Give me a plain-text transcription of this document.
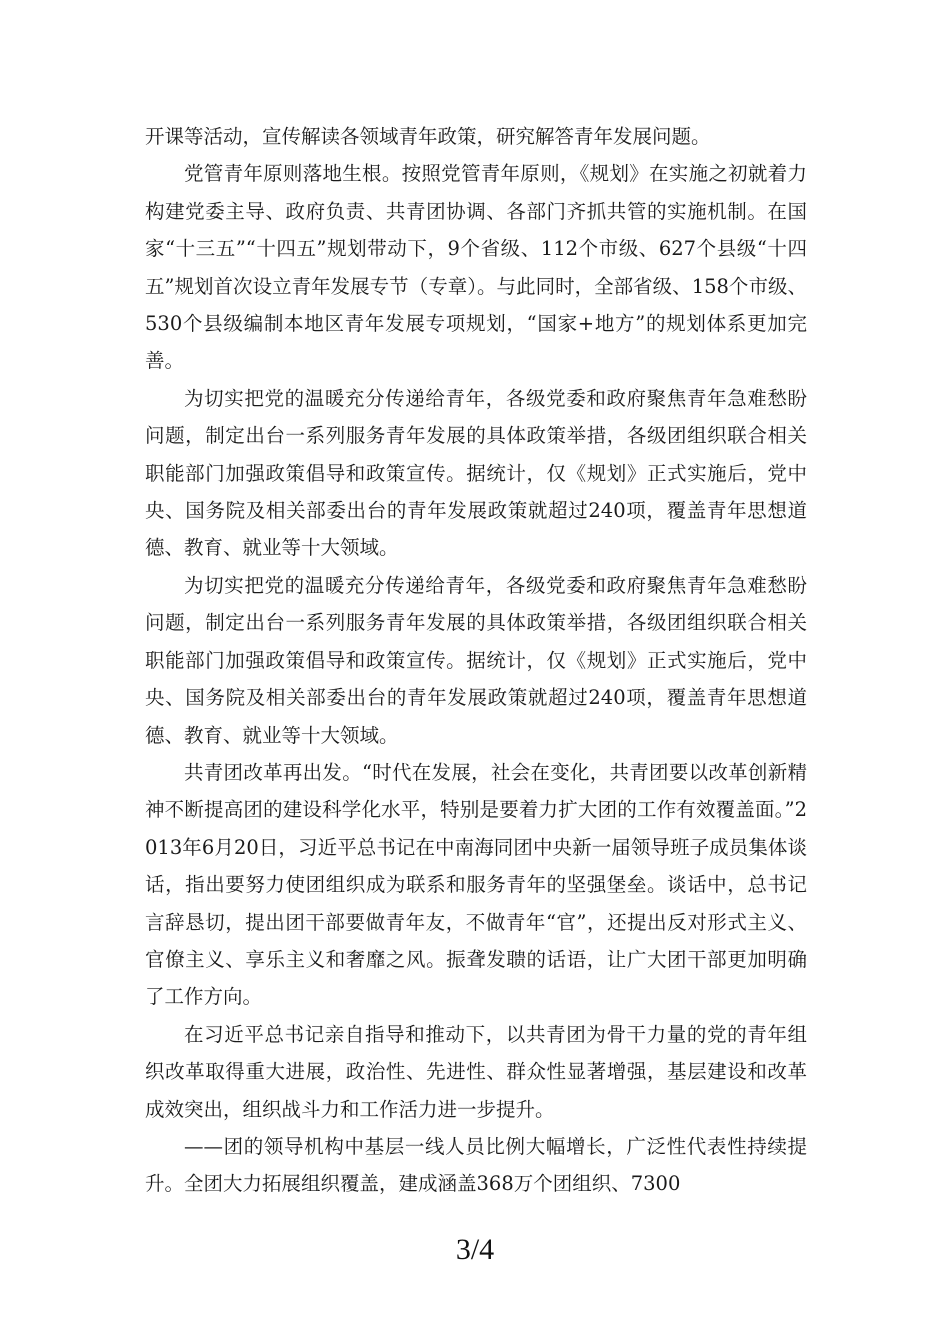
开课等活动，宣传解读各领域青年政策，研究解答青年发展问题。

党管青年原则落地生根。按照党管青年原则，《规划》在实施之初就着力构建党委主导、政府负责、共青团协调、各部门齐抓共管的实施机制。在国家“十三五”“十四五”规划带动下，9个省级、112个市级、627个县级“十四五”规划首次设立青年发展专节（专章）。与此同时，全部省级、158个市级、530个县级编制本地区青年发展专项规划，“国家+地方”的规划体系更加完善。

为切实把党的温暖充分传递给青年，各级党委和政府聚焦青年急难愁盼问题，制定出台一系列服务青年发展的具体政策举措，各级团组织联合相关职能部门加强政策倡导和政策宣传。据统计，仅《规划》正式实施后，党中央、国务院及相关部委出台的青年发展政策就超过240项，覆盖青年思想道德、教育、就业等十大领域。

为切实把党的温暖充分传递给青年，各级党委和政府聚焦青年急难愁盼问题，制定出台一系列服务青年发展的具体政策举措，各级团组织联合相关职能部门加强政策倡导和政策宣传。据统计，仅《规划》正式实施后，党中央、国务院及相关部委出台的青年发展政策就超过240项，覆盖青年思想道德、教育、就业等十大领域。

共青团改革再出发。“时代在发展，社会在变化，共青团要以改革创新精神不断提高团的建设科学化水平，特别是要着力扩大团的工作有效覆盖面。”2013年6月20日，习近平总书记在中南海同团中央新一届领导班子成员集体谈话，指出要努力使团组织成为联系和服务青年的坚强堡垒。谈话中，总书记言辞恳切，提出团干部要做青年友，不做青年“官”，还提出反对形式主义、官僚主义、享乐主义和奢靡之风。振聋发聩的话语，让广大团干部更加明确了工作方向。

在习近平总书记亲自指导和推动下，以共青团为骨干力量的党的青年组织改革取得重大进展，政治性、先进性、群众性显著增强，基层建设和改革成效突出，组织战斗力和工作活力进一步提升。

——团的领导机构中基层一线人员比例大幅增长，广泛性代表性持续提升。全团大力拓展组织覆盖，建成涵盖368万个团组织、7300

3/4
